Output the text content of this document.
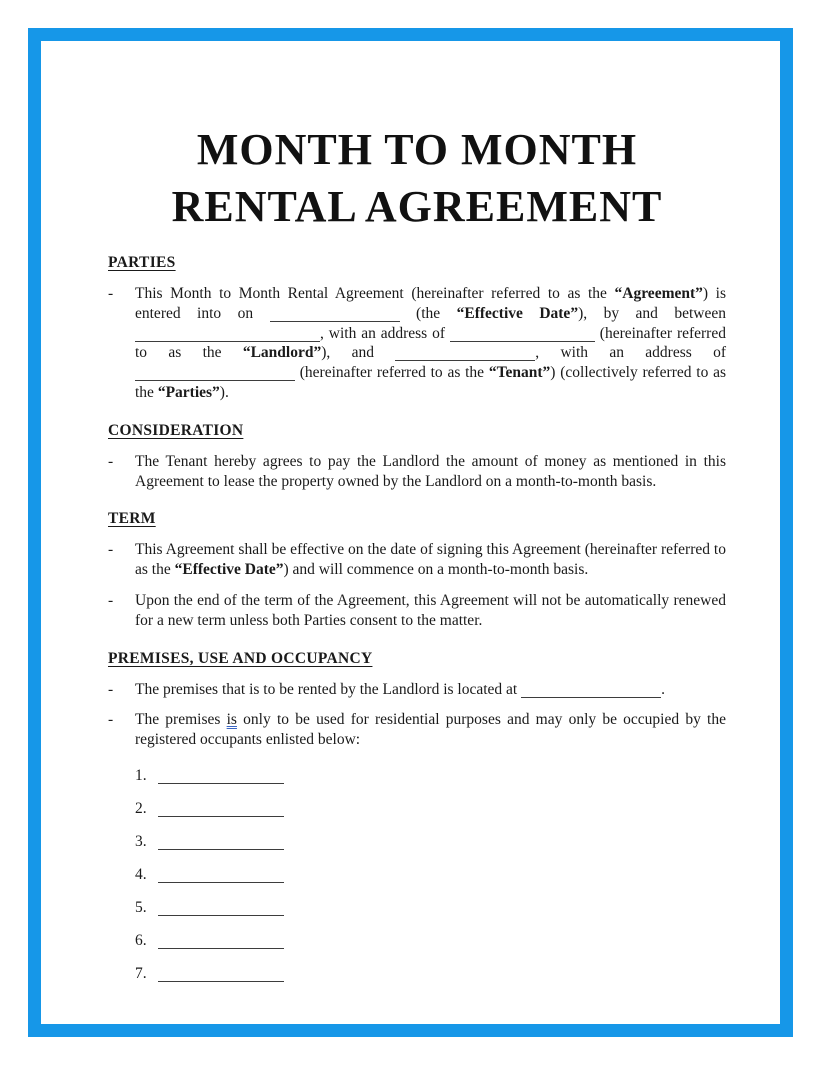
MONTH TO MONTH
RENTAL AGREEMENT
PARTIES
-	This Month to Month Rental Agreement (hereinafter referred to as the “Agreement”) is entered into on	(the “Effective Date”), by and between , with an address of	(hereinafter referred to as the “Landlord”), and	, with an address of  (hereinafter referred to as the “Tenant”) (collectively referred to as the “Parties”).
CONSIDERATION
-	The Tenant hereby agrees to pay the Landlord the amount of money as mentioned in this Agreement to lease the property owned by the Landlord on a month-to-month basis.
TERM
-	This Agreement shall be effective on the date of signing this Agreement (hereinafter referred to as the “Effective Date”) and will commence on a month-to-month basis.
-	Upon the end of the term of the Agreement, this Agreement will not be automatically renewed for a new term unless both Parties consent to the matter.
PREMISES, USE AND OCCUPANCY
-	The premises that is to be rented by the Landlord is located at	.
-	The premises is only to be used for residential purposes and may only be occupied by the registered occupants enlisted below:
1.
2.
3.
4.
5.
6.
7.
